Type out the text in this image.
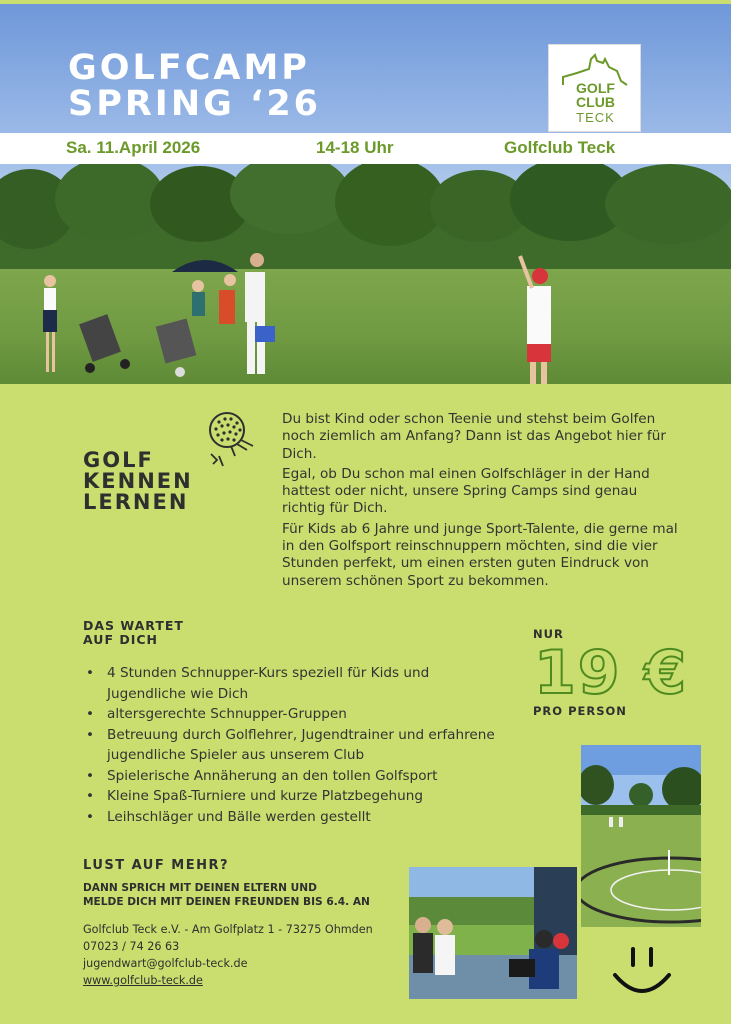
GOLFCAMP
SPRING ‘26	GOLF
CLUB
TECK
Sa. 11.April 2026	14-18 Uhr	Golfclub Teck
GOLF
KENNEN
LERNEN

Du bist Kind oder schon Teenie und stehst beim Golfen noch ziemlich am Anfang? Dann ist das Angebot hier für Dich.

Egal, ob Du schon mal einen Golfschläger in der Hand hattest oder nicht, unsere Spring Camps sind genau richtig für Dich.

Für Kids ab 6 Jahre und junge Sport-Talente, die gerne mal in den Golfsport reinschnuppern möchten, sind die vier Stunden perfekt, um einen ersten guten Eindruck von unserem schönen Sport zu bekommen.

DAS WARTET
AUF DICH
• 4 Stunden Schnupper-Kurs speziell für Kids und Jugendliche wie Dich
• altersgerechte Schnupper-Gruppen
• Betreuung durch Golflehrer, Jugendtrainer und erfahrene jugendliche Spieler aus unserem Club
• Spielerische Annäherung an den tollen Golfsport
• Kleine Spaß-Turniere und kurze Platzbegehung
• Leihschläger und Bälle werden gestellt
NUR
19 €
PRO PERSON
LUST AUF MEHR?
DANN SPRICH MIT DEINEN ELTERN UND
MELDE DICH MIT DEINEN FREUNDEN BIS 6.4. AN
Golfclub Teck e.V. - Am Golfplatz 1 - 73275 Ohmden
07023 / 74 26 63
jugendwart@golfclub-teck.de
www.golfclub-teck.de
